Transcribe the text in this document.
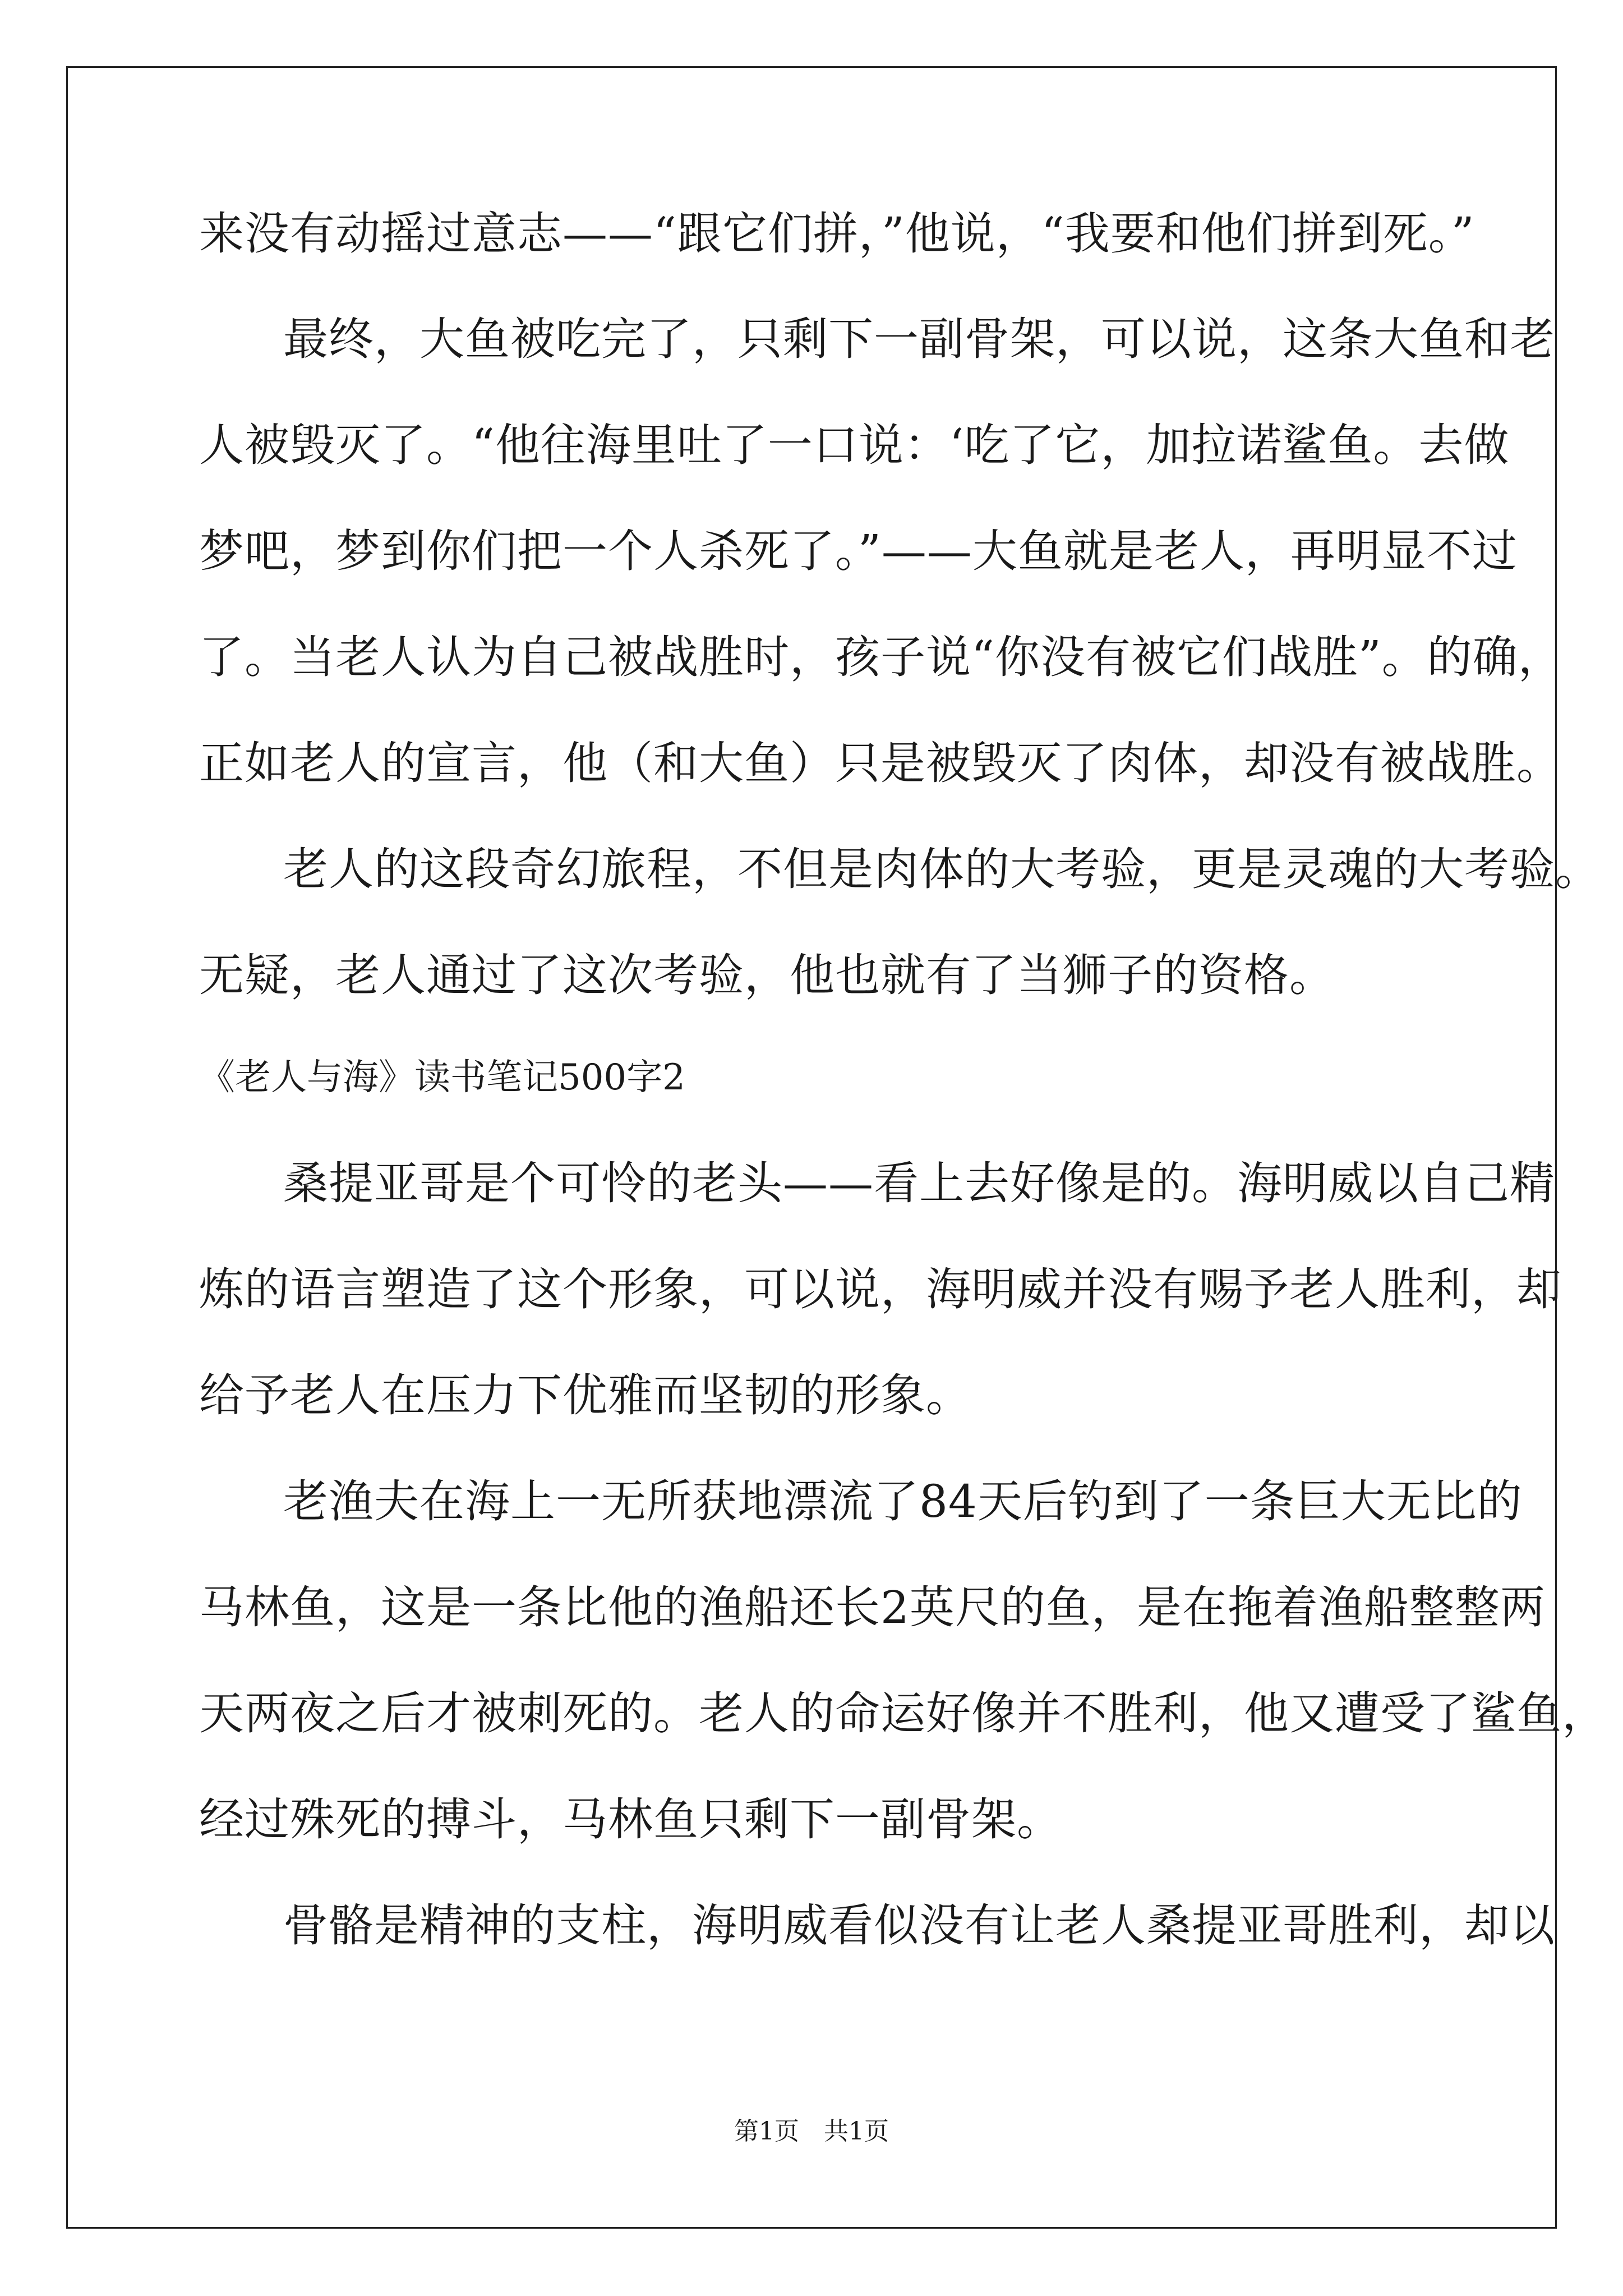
来没有动摇过意志——“跟它们拼，”他说，“我要和他们拼到死。”
最终，大鱼被吃完了，只剩下一副骨架，可以说，这条大鱼和老
人被毁灭了。“他往海里吐了一口说：‘吃了它，加拉诺鲨鱼。去做
梦吧，梦到你们把一个人杀死了。”——大鱼就是老人，再明显不过
了。当老人认为自己被战胜时，孩子说“你没有被它们战胜”。的确，
正如老人的宣言，他（和大鱼）只是被毁灭了肉体，却没有被战胜。
老人的这段奇幻旅程，不但是肉体的大考验，更是灵魂的大考验。
无疑，老人通过了这次考验，他也就有了当狮子的资格。
《老人与海》读书笔记500字2
桑提亚哥是个可怜的老头——看上去好像是的。海明威以自己精
炼的语言塑造了这个形象，可以说，海明威并没有赐予老人胜利，却
给予老人在压力下优雅而坚韧的形象。
老渔夫在海上一无所获地漂流了84天后钓到了一条巨大无比的
马林鱼，这是一条比他的渔船还长2英尺的鱼，是在拖着渔船整整两
天两夜之后才被刺死的。老人的命运好像并不胜利，他又遭受了鲨鱼，
经过殊死的搏斗，马林鱼只剩下一副骨架。
骨骼是精神的支柱，海明威看似没有让老人桑提亚哥胜利，却以
第1页　共1页
